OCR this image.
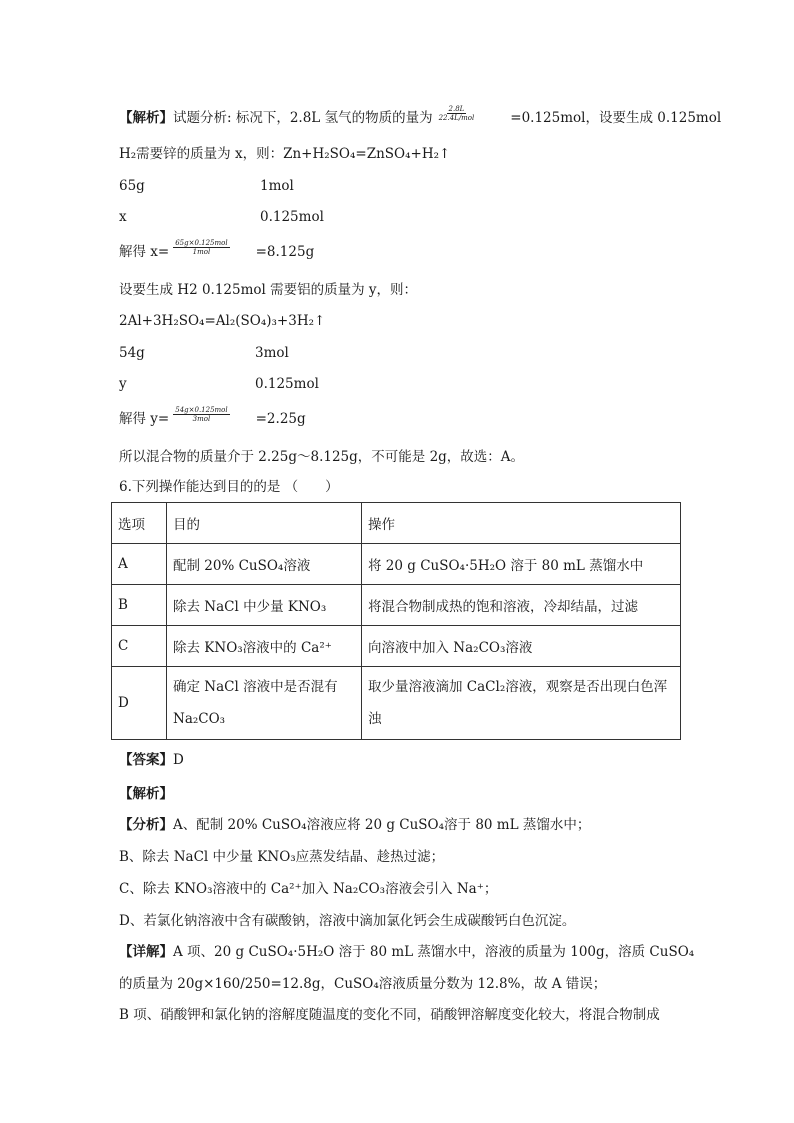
【解析】试题分析: 标况下，2.8L 氢气的物质的量为 $\frac{2.8L}{\text{22.4L/mol}}$	=0.125mol，设要生成 0.125mol
H₂需要锌的质量为 x，则：Zn+H₂SO₄=ZnSO₄+H₂↑
65g	1mol
x	0.125mol
解得 $x= \frac{\text{65g×0.125mol}}{\text{1mol}} =8.125g$
设要生成 H2 0.125mol 需要铝的质量为 y，则：
2Al+3H₂SO₄=Al₂(SO₄)₃+3H₂↑
54g	3mol
y	0.125mol
解得 $y= \frac{\text{54g×0.125mol}}{\text{3mol}} =2.25g$
所以混合物的质量介于 2.25g～8.125g，不可能是 2g，故选：A。
6.下列操作能达到目的的是 （　　）
选项	目的	操作
A	配制 20% CuSO₄溶液	将 20 g CuSO₄·5H₂O 溶于 80 mL 蒸馏水中
B	除去 NaCl 中少量 KNO₃	将混合物制成热的饱和溶液，冷却结晶，过滤
C	除去 KNO₃溶液中的 Ca²⁺	向溶液中加入 Na₂CO₃溶液
D	确定 NaCl 溶液中是否混有 Na₂CO₃	取少量溶液滴加 CaCl₂溶液，观察是否出现白色浑浊
【答案】D
【解析】
【分析】A、配制 20% CuSO₄溶液应将 20 g CuSO₄溶于 80 mL 蒸馏水中；
B、除去 NaCl 中少量 KNO₃应蒸发结晶、趁热过滤；
C、除去 KNO₃溶液中的 Ca²⁺加入 Na₂CO₃溶液会引入 Na⁺；
D、若氯化钠溶液中含有碳酸钠，溶液中滴加氯化钙会生成碳酸钙白色沉淀。
【详解】A 项、20 g CuSO₄·5H₂O 溶于 80 mL 蒸馏水中，溶液的质量为 100g，溶质 CuSO₄
的质量为 20g×160/250=12.8g，CuSO₄溶液质量分数为 12.8%，故 A 错误；
B 项、硝酸钾和氯化钠的溶解度随温度的变化不同，硝酸钾溶解度变化较大，将混合物制成
